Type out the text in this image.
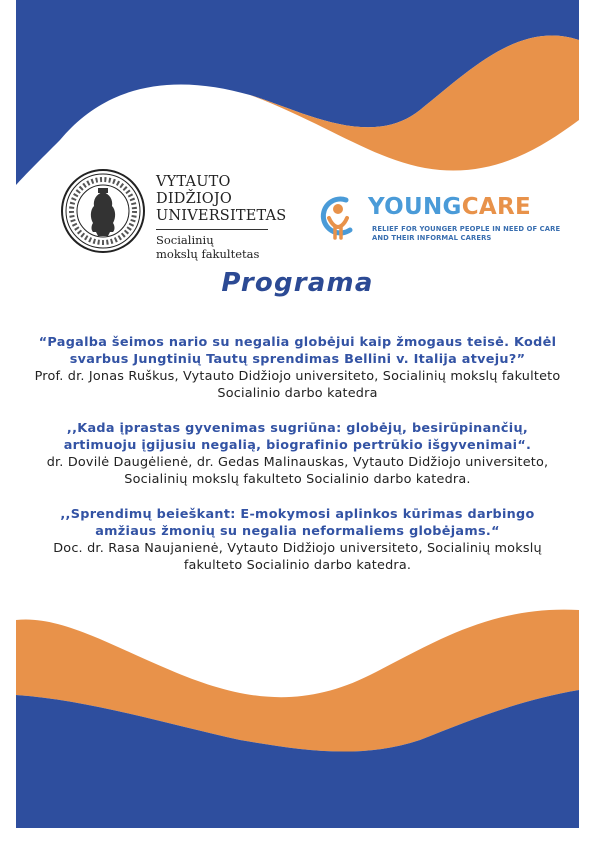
VYTAUTO
DIDŽIOJO
UNIVERSITETAS
Socialinių
mokslų fakultetas
YOUNGCARE
RELIEF FOR YOUNGER PEOPLE IN NEED OF CARE AND THEIR INFORMAL CARERS
Programa
“Pagalba šeimos nario su negalia globėjui kaip žmogaus teisė. Kodėl svarbus Jungtinių Tautų sprendimas Bellini v. Italija atveju?”
Prof. dr. Jonas Ruškus, Vytauto Didžiojo universiteto, Socialinių mokslų fakulteto Socialinio darbo katedra
,,Kada įprastas gyvenimas sugriūna: globėjų, besirūpinančių, artimuoju įgijusiu negalią, biografinio pertrūkio išgyvenimai“.
dr. Dovilė Daugėlienė, dr. Gedas Malinauskas, Vytauto Didžiojo universiteto, Socialinių mokslų fakulteto Socialinio darbo katedra.
,,Sprendimų beieškant: E-mokymosi aplinkos kūrimas darbingo amžiaus žmonių su negalia neformaliems globėjams.“
Doc. dr. Rasa Naujanienė, Vytauto Didžiojo universiteto, Socialinių mokslų fakulteto Socialinio darbo katedra.
